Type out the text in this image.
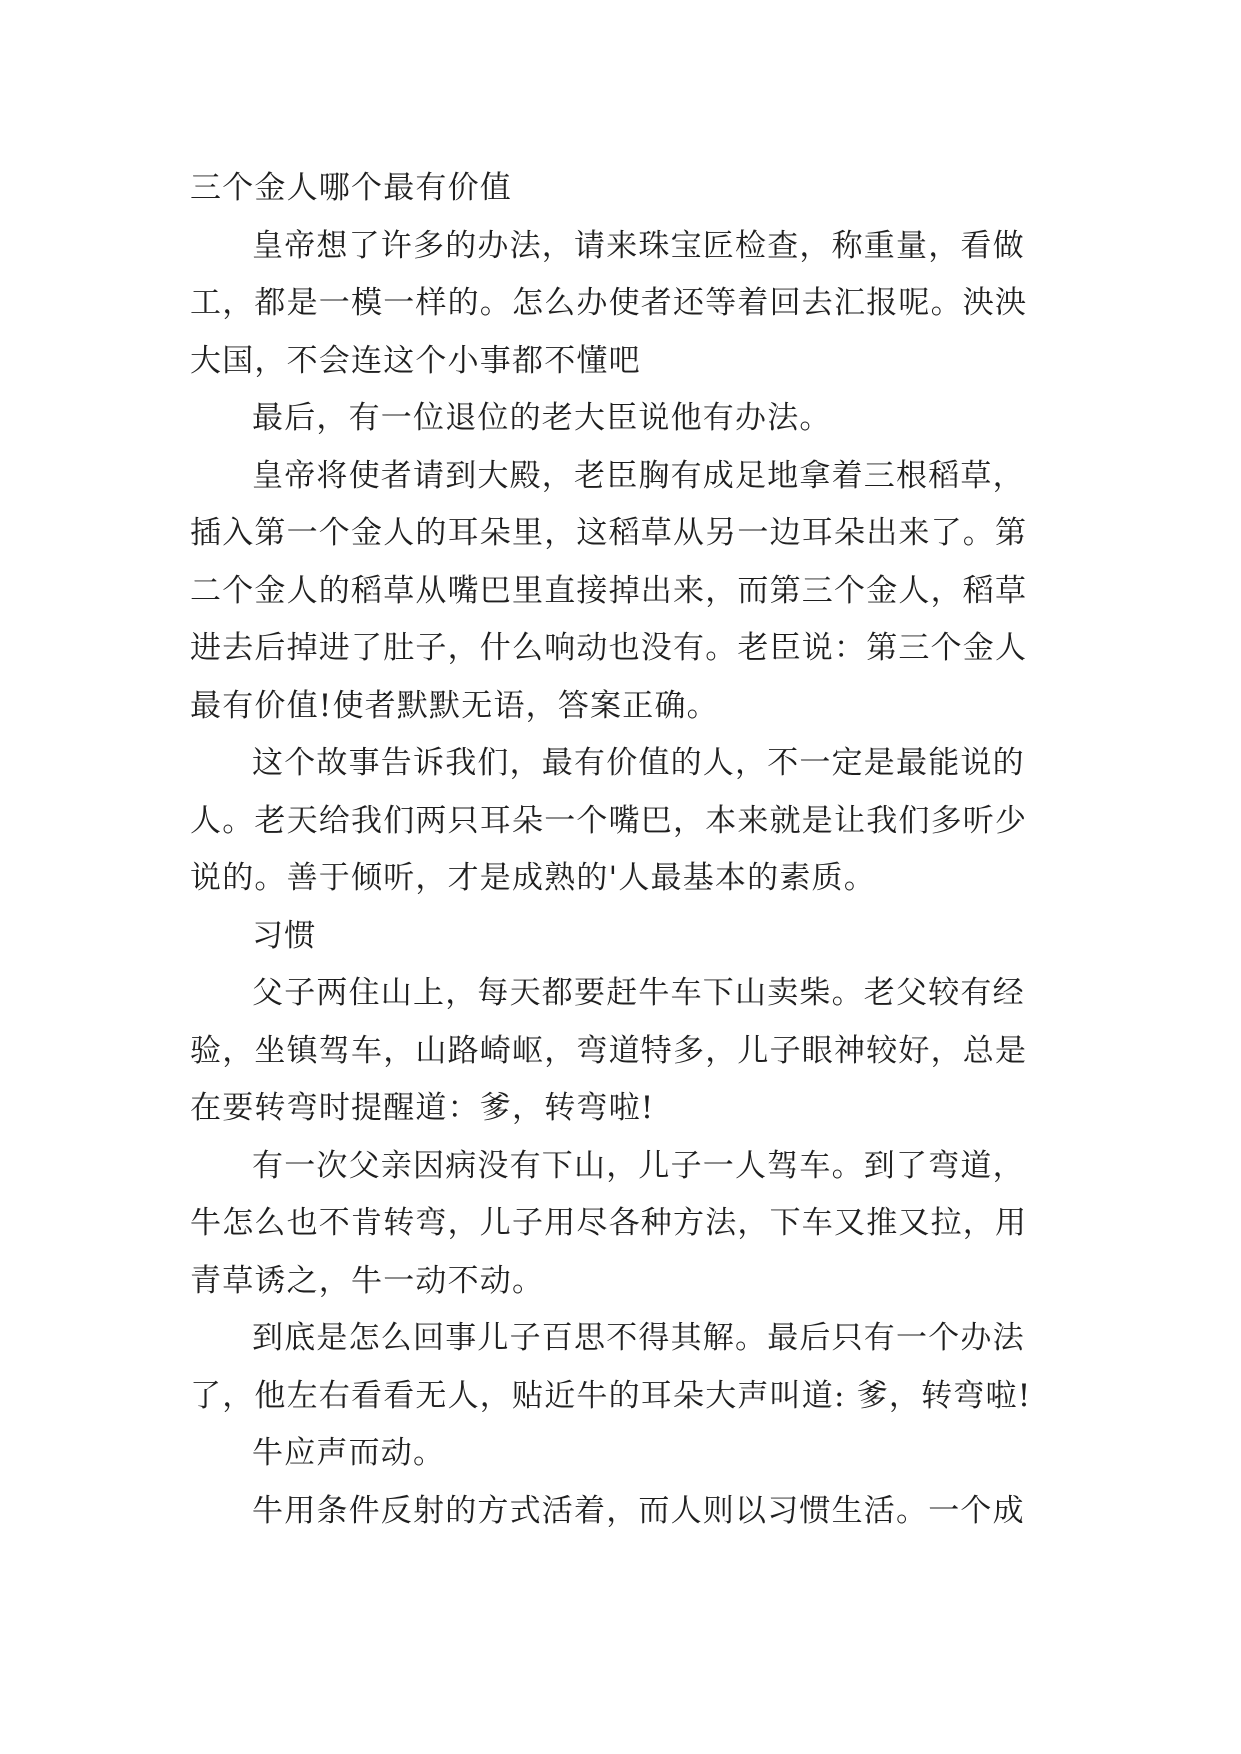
三个金人哪个最有价值

皇帝想了许多的办法，请来珠宝匠检查，称重量，看做
工，都是一模一样的。怎么办使者还等着回去汇报呢。泱泱
大国，不会连这个小事都不懂吧

最后，有一位退位的老大臣说他有办法。

皇帝将使者请到大殿，老臣胸有成足地拿着三根稻草，
插入第一个金人的耳朵里，这稻草从另一边耳朵出来了。第
二个金人的稻草从嘴巴里直接掉出来，而第三个金人，稻草
进去后掉进了肚子，什么响动也没有。老臣说：第三个金人
最有价值!使者默默无语，答案正确。

这个故事告诉我们，最有价值的人，不一定是最能说的
人。老天给我们两只耳朵一个嘴巴，本来就是让我们多听少
说的。善于倾听，才是成熟的'人最基本的素质。

习惯

父子两住山上，每天都要赶牛车下山卖柴。老父较有经
验，坐镇驾车，山路崎岖，弯道特多，儿子眼神较好，总是
在要转弯时提醒道：爹，转弯啦!

有一次父亲因病没有下山，儿子一人驾车。到了弯道，
牛怎么也不肯转弯，儿子用尽各种方法，下车又推又拉，用
青草诱之，牛一动不动。

到底是怎么回事儿子百思不得其解。最后只有一个办法
了，他左右看看无人，贴近牛的耳朵大声叫道: 爹，转弯啦!

牛应声而动。

牛用条件反射的方式活着，而人则以习惯生活。一个成
